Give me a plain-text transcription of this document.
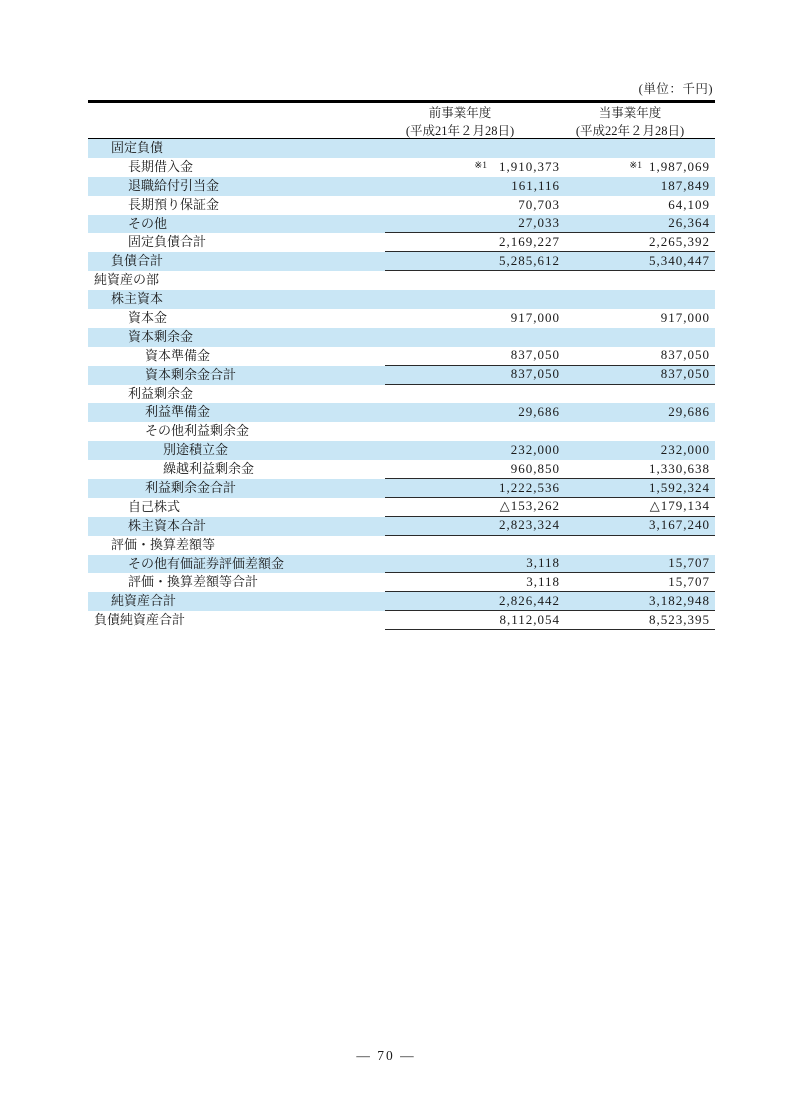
(単位：千円)
前事業年度
(平成21年２月28日)
当事業年度
(平成22年２月28日)
固定負債
長期借入金	※1 1,910,373	※1 1,987,069
退職給付引当金	161,116	187,849
長期預り保証金	70,703	64,109
その他	27,033	26,364
固定負債合計	2,169,227	2,265,392
負債合計	5,285,612	5,340,447
純資産の部
株主資本
資本金	917,000	917,000
資本剰余金
資本準備金	837,050	837,050
資本剰余金合計	837,050	837,050
利益剰余金
利益準備金	29,686	29,686
その他利益剰余金
別途積立金	232,000	232,000
繰越利益剰余金	960,850	1,330,638
利益剰余金合計	1,222,536	1,592,324
自己株式	△153,262	△179,134
株主資本合計	2,823,324	3,167,240
評価・換算差額等
その他有価証券評価差額金	3,118	15,707
評価・換算差額等合計	3,118	15,707
純資産合計	2,826,442	3,182,948
負債純資産合計	8,112,054	8,523,395
— 70 —
